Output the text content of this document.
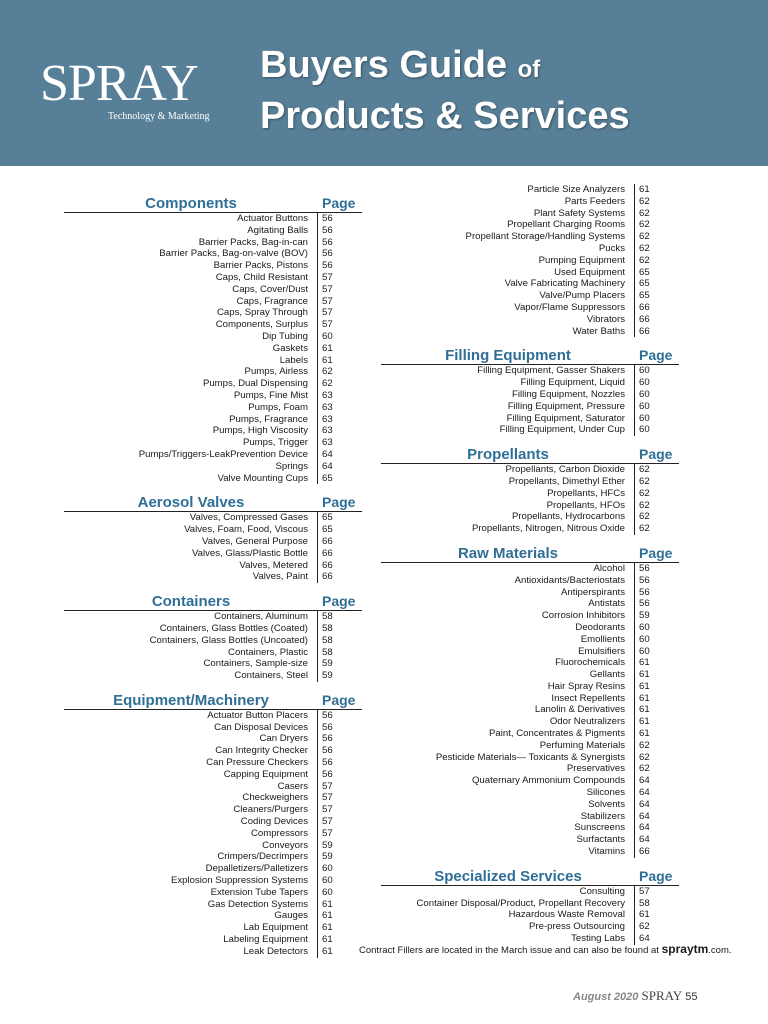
SPRAY
Technology & Marketing
Buyers Guide of
Products & Services
Components	Page
Actuator Buttons	56
Agitating Balls	56
Barrier Packs, Bag-in-can	56
Barrier Packs, Bag-on-valve (BOV)	56
Barrier Packs, Pistons	56
Caps, Child Resistant	57
Caps, Cover/Dust	57
Caps, Fragrance	57
Caps, Spray Through	57
Components, Surplus	57
Dip Tubing	60
Gaskets	61
Labels	61
Pumps, Airless	62
Pumps, Dual Dispensing	62
Pumps, Fine Mist	63
Pumps, Foam	63
Pumps, Fragrance	63
Pumps, High Viscosity	63
Pumps, Trigger	63
Pumps/Triggers-LeakPrevention Device	64
Springs	64
Valve Mounting Cups	65
Aerosol Valves	Page
Valves, Compressed Gases	65
Valves, Foam, Food, Viscous	65
Valves, General Purpose	66
Valves, Glass/Plastic Bottle	66
Valves, Metered	66
Valves, Paint	66
Containers	Page
Containers, Aluminum	58
Containers, Glass Bottles (Coated)	58
Containers, Glass Bottles (Uncoated)	58
Containers, Plastic	58
Containers, Sample-size	59
Containers, Steel	59
Equipment/Machinery	Page
Actuator Button Placers	56
Can Disposal Devices	56
Can Dryers	56
Can Integrity Checker	56
Can Pressure Checkers	56
Capping Equipment	56
Casers	57
Checkweighers	57
Cleaners/Purgers	57
Coding Devices	57
Compressors	57
Conveyors	59
Crimpers/Decrimpers	59
Depalletizers/Palletizers	60
Explosion Suppression Systems	60
Extension Tube Tapers	60
Gas Detection Systems	61
Gauges	61
Lab Equipment	61
Labeling Equipment	61
Leak Detectors	61
Particle Size Analyzers	61
Parts Feeders	62
Plant Safety Systems	62
Propellant Charging Rooms	62
Propellant Storage/Handling Systems	62
Pucks	62
Pumping Equipment	62
Used Equipment	65
Valve Fabricating Machinery	65
Valve/Pump Placers	65
Vapor/Flame Suppressors	66
Vibrators	66
Water Baths	66
Filling Equipment	Page
Filling Equipment, Gasser Shakers	60
Filling Equipment, Liquid	60
Filling Equipment, Nozzles	60
Filling Equipment, Pressure	60
Filling Equipment, Saturator	60
Filling Equipment, Under Cup	60
Propellants	Page
Propellants, Carbon Dioxide	62
Propellants, Dimethyl Ether	62
Propellants, HFCs	62
Propellants, HFOs	62
Propellants, Hydrocarbons	62
Propellants, Nitrogen, Nitrous Oxide	62
Raw Materials	Page
Alcohol	56
Antioxidants/Bacteriostats	56
Antiperspirants	56
Antistats	56
Corrosion Inhibitors	59
Deodorants	60
Emollients	60
Emulsifiers	60
Fluorochemicals	61
Gellants	61
Hair Spray Resins	61
Insect Repellents	61
Lanolin & Derivatives	61
Odor Neutralizers	61
Paint, Concentrates & Pigments	61
Perfuming Materials	62
Pesticide Materials— Toxicants & Synergists	62
Preservatives	62
Quaternary Ammonium Compounds	64
Silicones	64
Solvents	64
Stabilizers	64
Sunscreens	64
Surfactants	64
Vitamins	66
Specialized Services	Page
Consulting	57
Container Disposal/Product, Propellant Recovery	58
Hazardous Waste Removal	61
Pre-press Outsourcing	62
Testing Labs	64
Contract Fillers are located in the March issue and can also be found at spraytm.com.
August 2020 SPRAY 55
